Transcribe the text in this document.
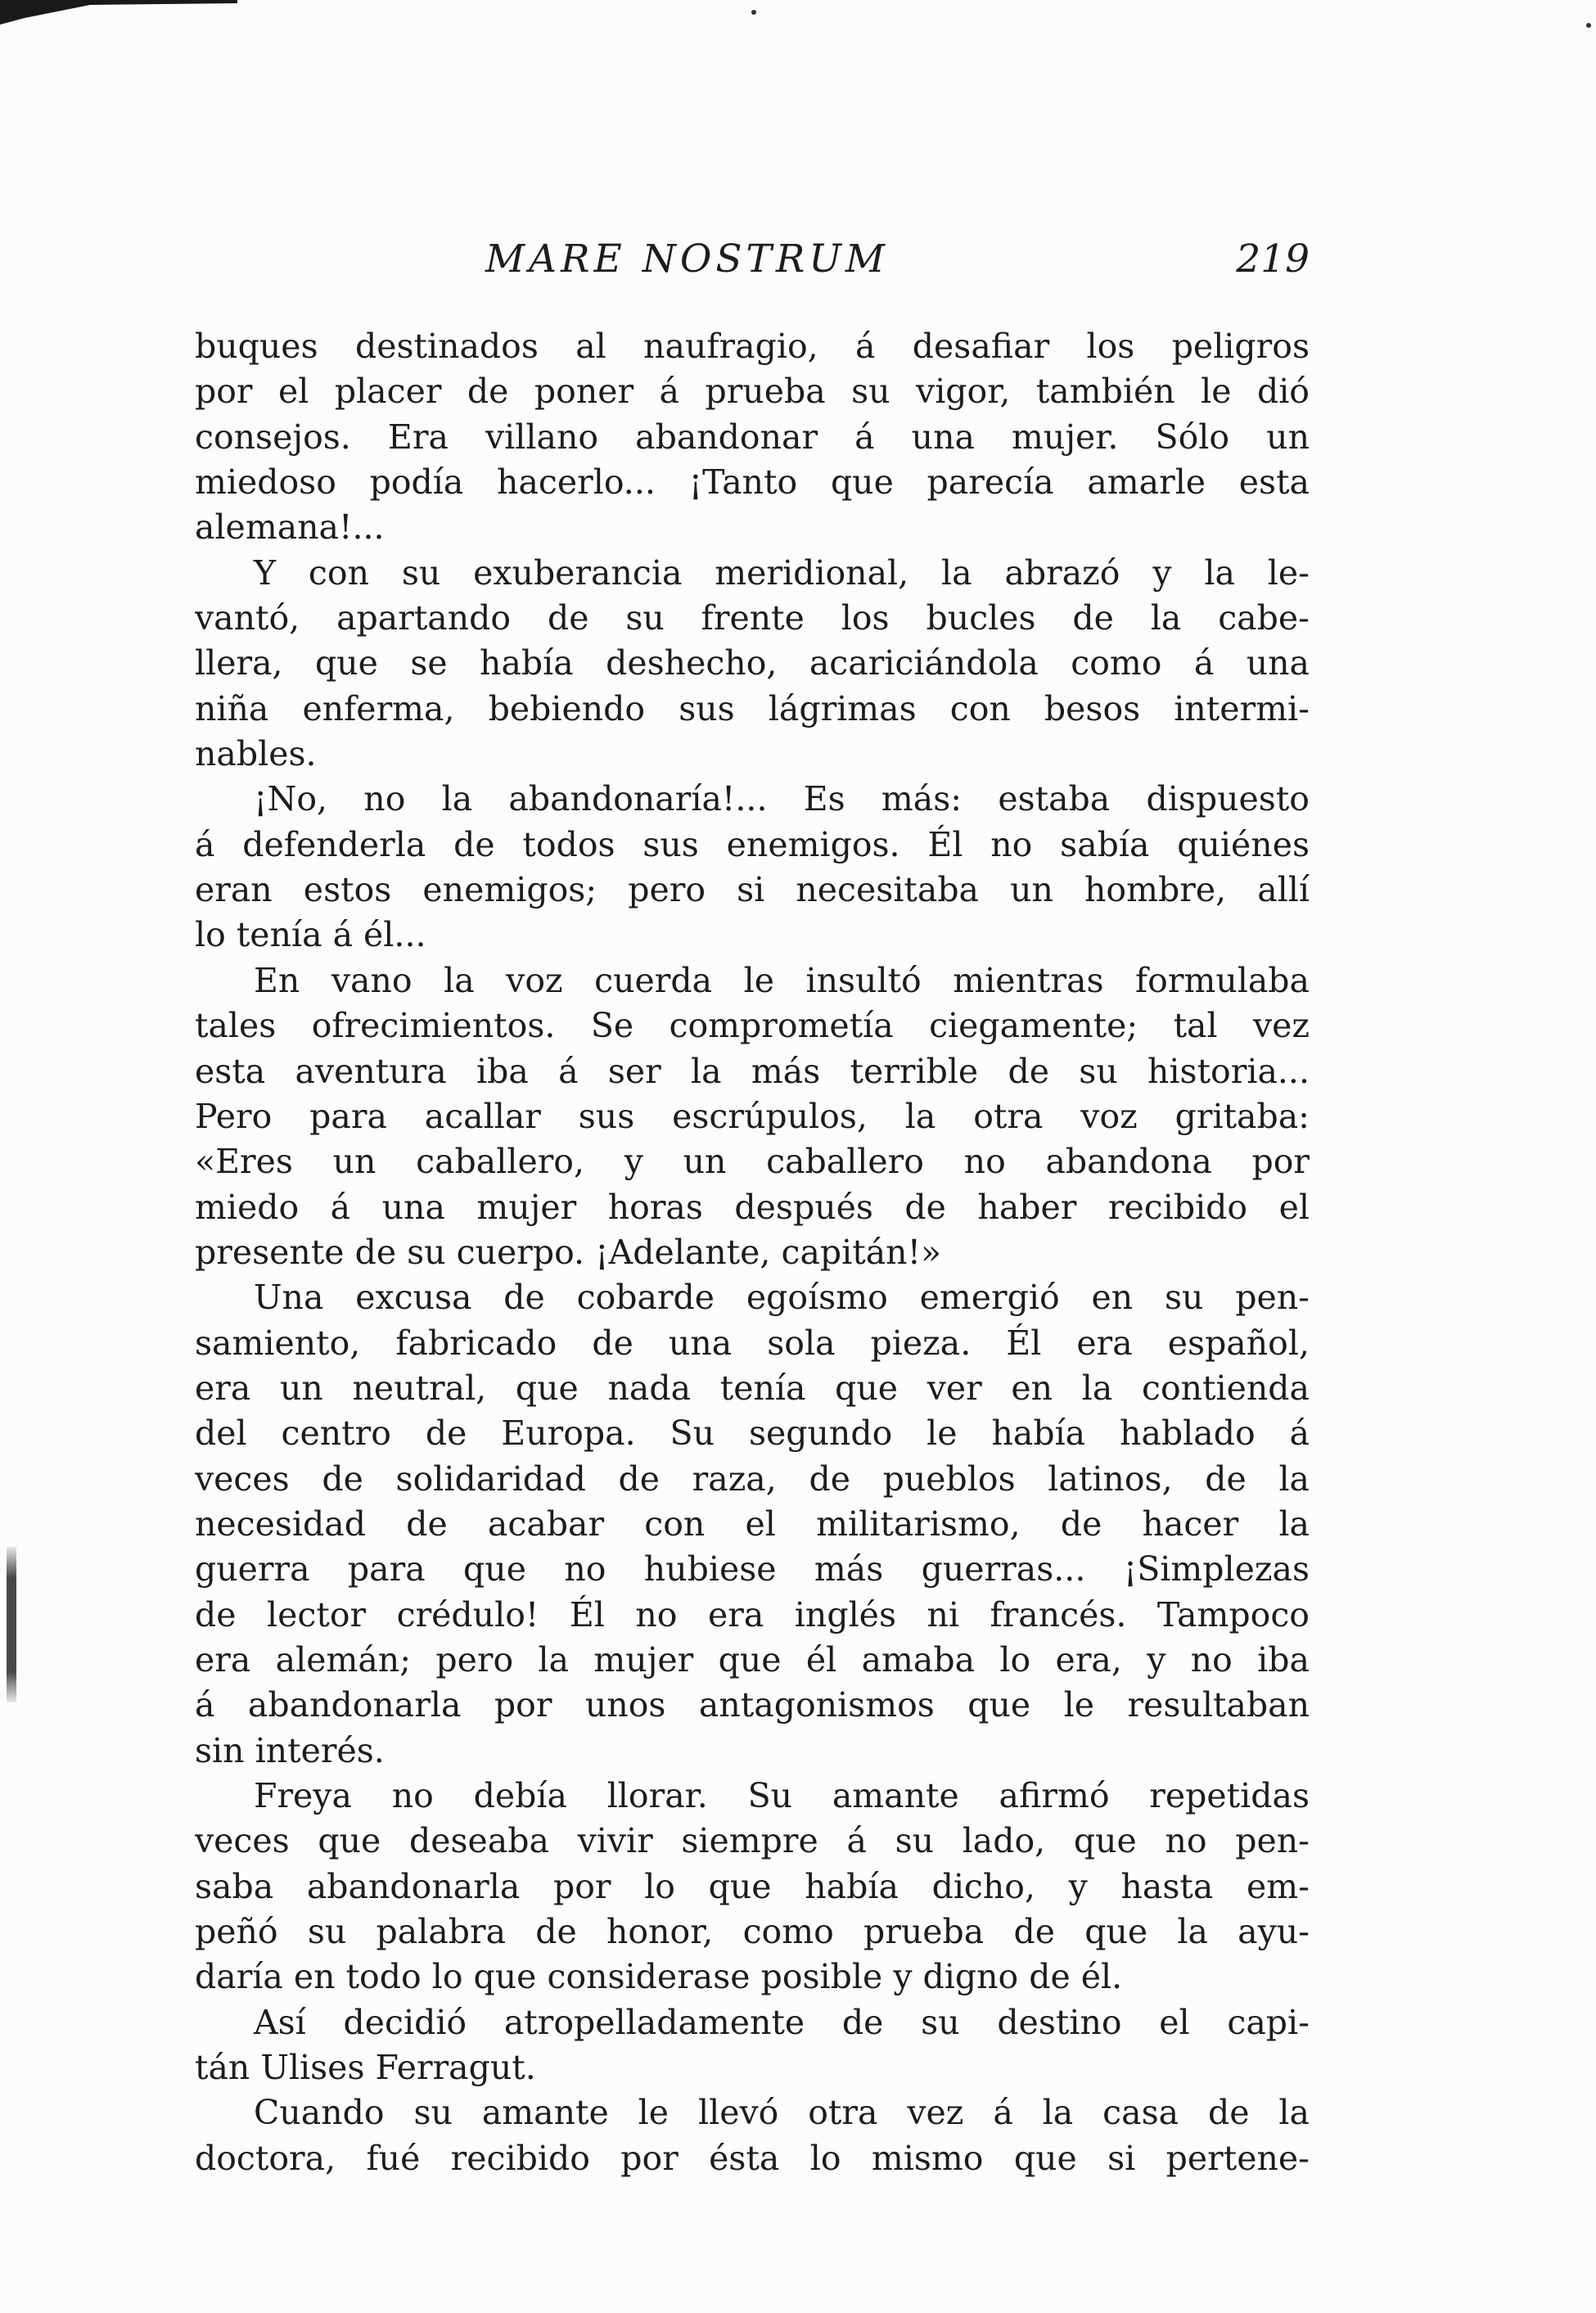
MARE NOSTRUM	219
buques destinados al naufragio, á desafiar los peligros
por el placer de poner á prueba su vigor, también le dió
consejos. Era villano abandonar á una mujer. Sólo un
miedoso podía hacerlo... ¡Tanto que parecía amarle esta
alemana!...
Y con su exuberancia meridional, la abrazó y la le-
vantó, apartando de su frente los bucles de la cabe-
llera, que se había deshecho, acariciándola como á una
niña enferma, bebiendo sus lágrimas con besos intermi-
nables.
¡No, no la abandonaría!... Es más: estaba dispuesto
á defenderla de todos sus enemigos. Él no sabía quiénes
eran estos enemigos; pero si necesitaba un hombre, allí
lo tenía á él...
En vano la voz cuerda le insultó mientras formulaba
tales ofrecimientos. Se comprometía ciegamente; tal vez
esta aventura iba á ser la más terrible de su historia...
Pero para acallar sus escrúpulos, la otra voz gritaba:
«Eres un caballero, y un caballero no abandona por
miedo á una mujer horas después de haber recibido el
presente de su cuerpo. ¡Adelante, capitán!»
Una excusa de cobarde egoísmo emergió en su pen-
samiento, fabricado de una sola pieza. Él era español,
era un neutral, que nada tenía que ver en la contienda
del centro de Europa. Su segundo le había hablado á
veces de solidaridad de raza, de pueblos latinos, de la
necesidad de acabar con el militarismo, de hacer la
guerra para que no hubiese más guerras... ¡Simplezas
de lector crédulo! Él no era inglés ni francés. Tampoco
era alemán; pero la mujer que él amaba lo era, y no iba
á abandonarla por unos antagonismos que le resultaban
sin interés.
Freya no debía llorar. Su amante afirmó repetidas
veces que deseaba vivir siempre á su lado, que no pen-
saba abandonarla por lo que había dicho, y hasta em-
peñó su palabra de honor, como prueba de que la ayu-
daría en todo lo que considerase posible y digno de él.
Así decidió atropelladamente de su destino el capi-
tán Ulises Ferragut.
Cuando su amante le llevó otra vez á la casa de la
doctora, fué recibido por ésta lo mismo que si pertene-
